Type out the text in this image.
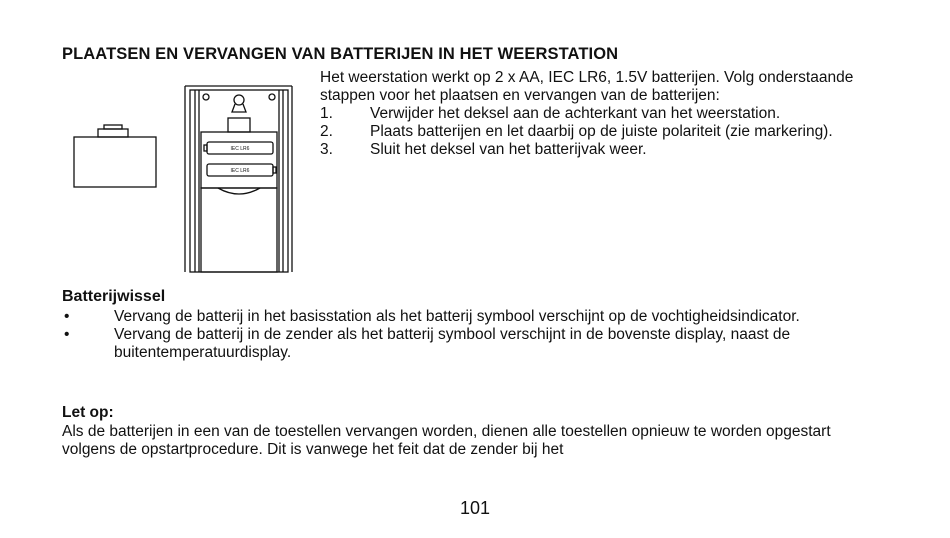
PLAATSEN EN VERVANGEN VAN BATTERIJEN IN HET WEERSTATION

Het weerstation werkt op 2 x AA, IEC LR6, 1.5V batterijen. Volg onderstaande stappen voor het plaatsen en vervangen van de batterijen:

1.	Verwijder het deksel aan de achterkant van het weerstation.
2.	Plaats batterijen en let daarbij op de juiste polariteit (zie markering).
3.	Sluit het deksel van het batterijvak weer.
IEC LR6
IEC LR6
Batterijwissel
•	Vervang de batterij in het basisstation als het batterij symbool verschijnt op de vochtigheidsindicator.
•	Vervang de batterij in de zender als het batterij symbool verschijnt in de bovenste display, naast de buitentemperatuurdisplay.
Let op:

Als de batterijen in een van de toestellen vervangen worden, dienen alle toestellen opnieuw te worden opgestart volgens de opstartprocedure. Dit is vanwege het feit dat de zender bij het

101
